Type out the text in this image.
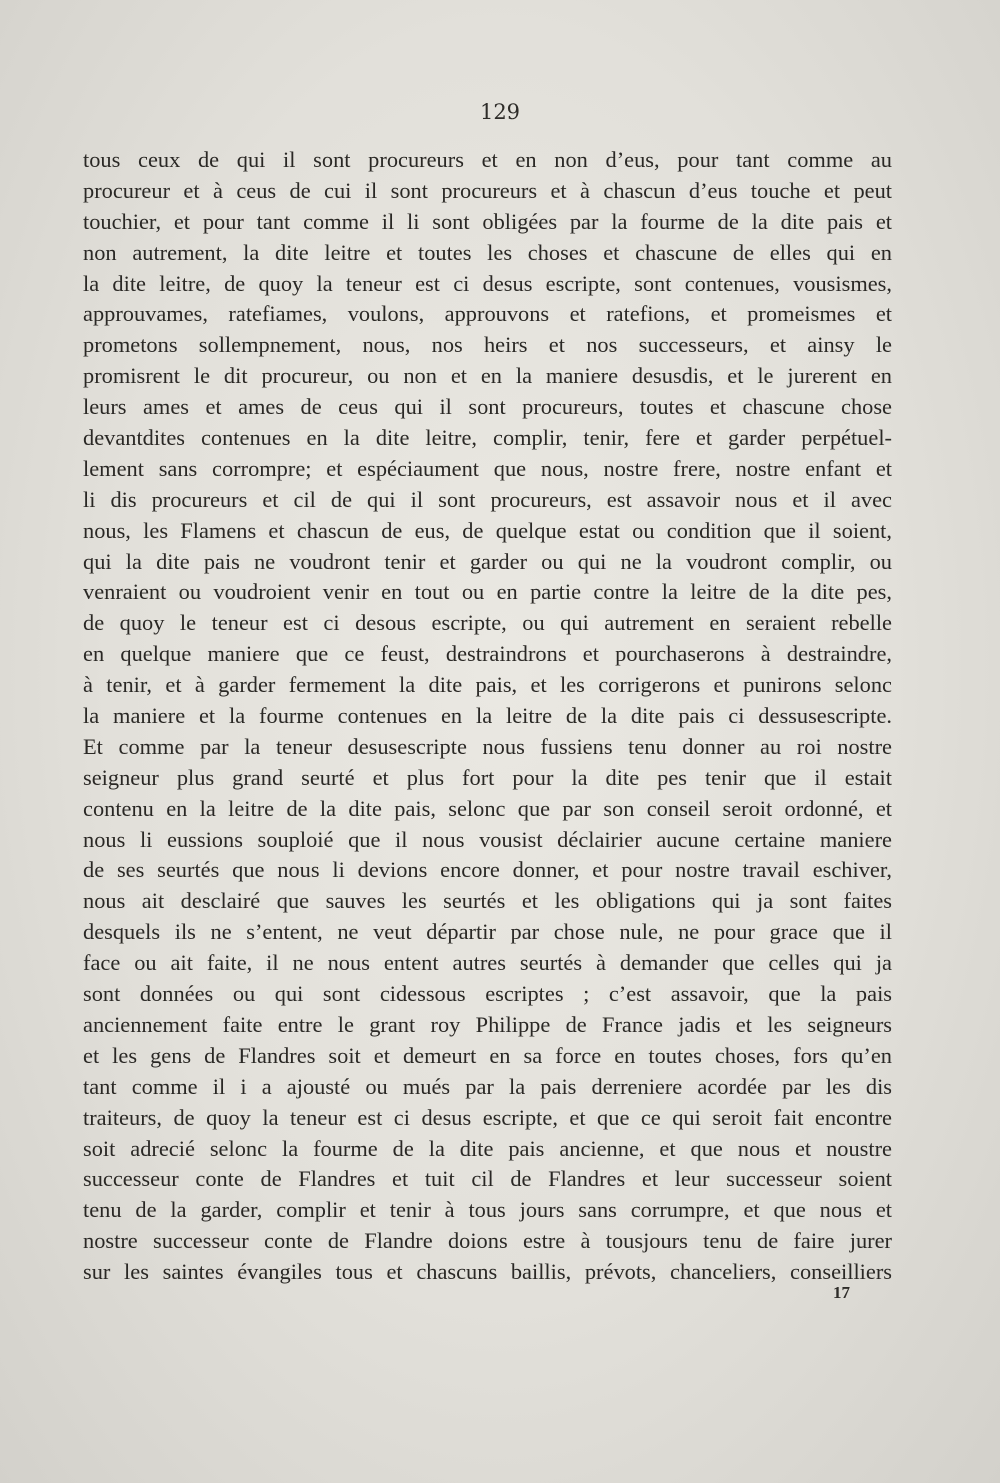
129
tous ceux de qui il sont procureurs et en non d’eus, pour tant comme au
procureur et à ceus de cui il sont procureurs et à chascun d’eus touche et peut
touchier, et pour tant comme il li sont obligées par la fourme de la dite pais et
non autrement, la dite leitre et toutes les choses et chascune de elles qui en
la dite leitre, de quoy la teneur est ci desus escripte, sont contenues, vousismes,
approuvames, ratefiames, voulons, approuvons et ratefions, et promeismes et
prometons sollempnement, nous, nos heirs et nos successeurs, et ainsy le
promisrent le dit procureur, ou non et en la maniere desusdis, et le jurerent en
leurs ames et ames de ceus qui il sont procureurs, toutes et chascune chose
devantdites contenues en la dite leitre, complir, tenir, fere et garder perpétuel-
lement sans corrompre; et espéciaument que nous, nostre frere, nostre enfant et
li dis procureurs et cil de qui il sont procureurs, est assavoir nous et il avec
nous, les Flamens et chascun de eus, de quelque estat ou condition que il soient,
qui la dite pais ne voudront tenir et garder ou qui ne la voudront complir, ou
venraient ou voudroient venir en tout ou en partie contre la leitre de la dite pes,
de quoy le teneur est ci desous escripte, ou qui autrement en seraient rebelle
en quelque maniere que ce feust, destraindrons et pourchaserons à destraindre,
à tenir, et à garder fermement la dite pais, et les corrigerons et punirons selonc
la maniere et la fourme contenues en la leitre de la dite pais ci dessusescripte.
Et comme par la teneur desusescripte nous fussiens tenu donner au roi nostre
seigneur plus grand seurté et plus fort pour la dite pes tenir que il estait
contenu en la leitre de la dite pais, selonc que par son conseil seroit ordonné, et
nous li eussions souploié que il nous vousist déclairier aucune certaine maniere
de ses seurtés que nous li devions encore donner, et pour nostre travail eschiver,
nous ait desclairé que sauves les seurtés et les obligations qui ja sont faites
desquels ils ne s’entent, ne veut départir par chose nule, ne pour grace que il
face ou ait faite, il ne nous entent autres seurtés à demander que celles qui ja
sont données ou qui sont cidessous escriptes ; c’est assavoir, que la pais
anciennement faite entre le grant roy Philippe de France jadis et les seigneurs
et les gens de Flandres soit et demeurt en sa force en toutes choses, fors qu’en
tant comme il i a ajousté ou mués par la pais derreniere acordée par les dis
traiteurs, de quoy la teneur est ci desus escripte, et que ce qui seroit fait encontre
soit adrecié selonc la fourme de la dite pais ancienne, et que nous et noustre
successeur conte de Flandres et tuit cil de Flandres et leur successeur soient
tenu de la garder, complir et tenir à tous jours sans corrumpre, et que nous et
nostre successeur conte de Flandre doions estre à tousjours tenu de faire jurer
sur les saintes évangiles tous et chascuns baillis, prévots, chanceliers, conseilliers
17
